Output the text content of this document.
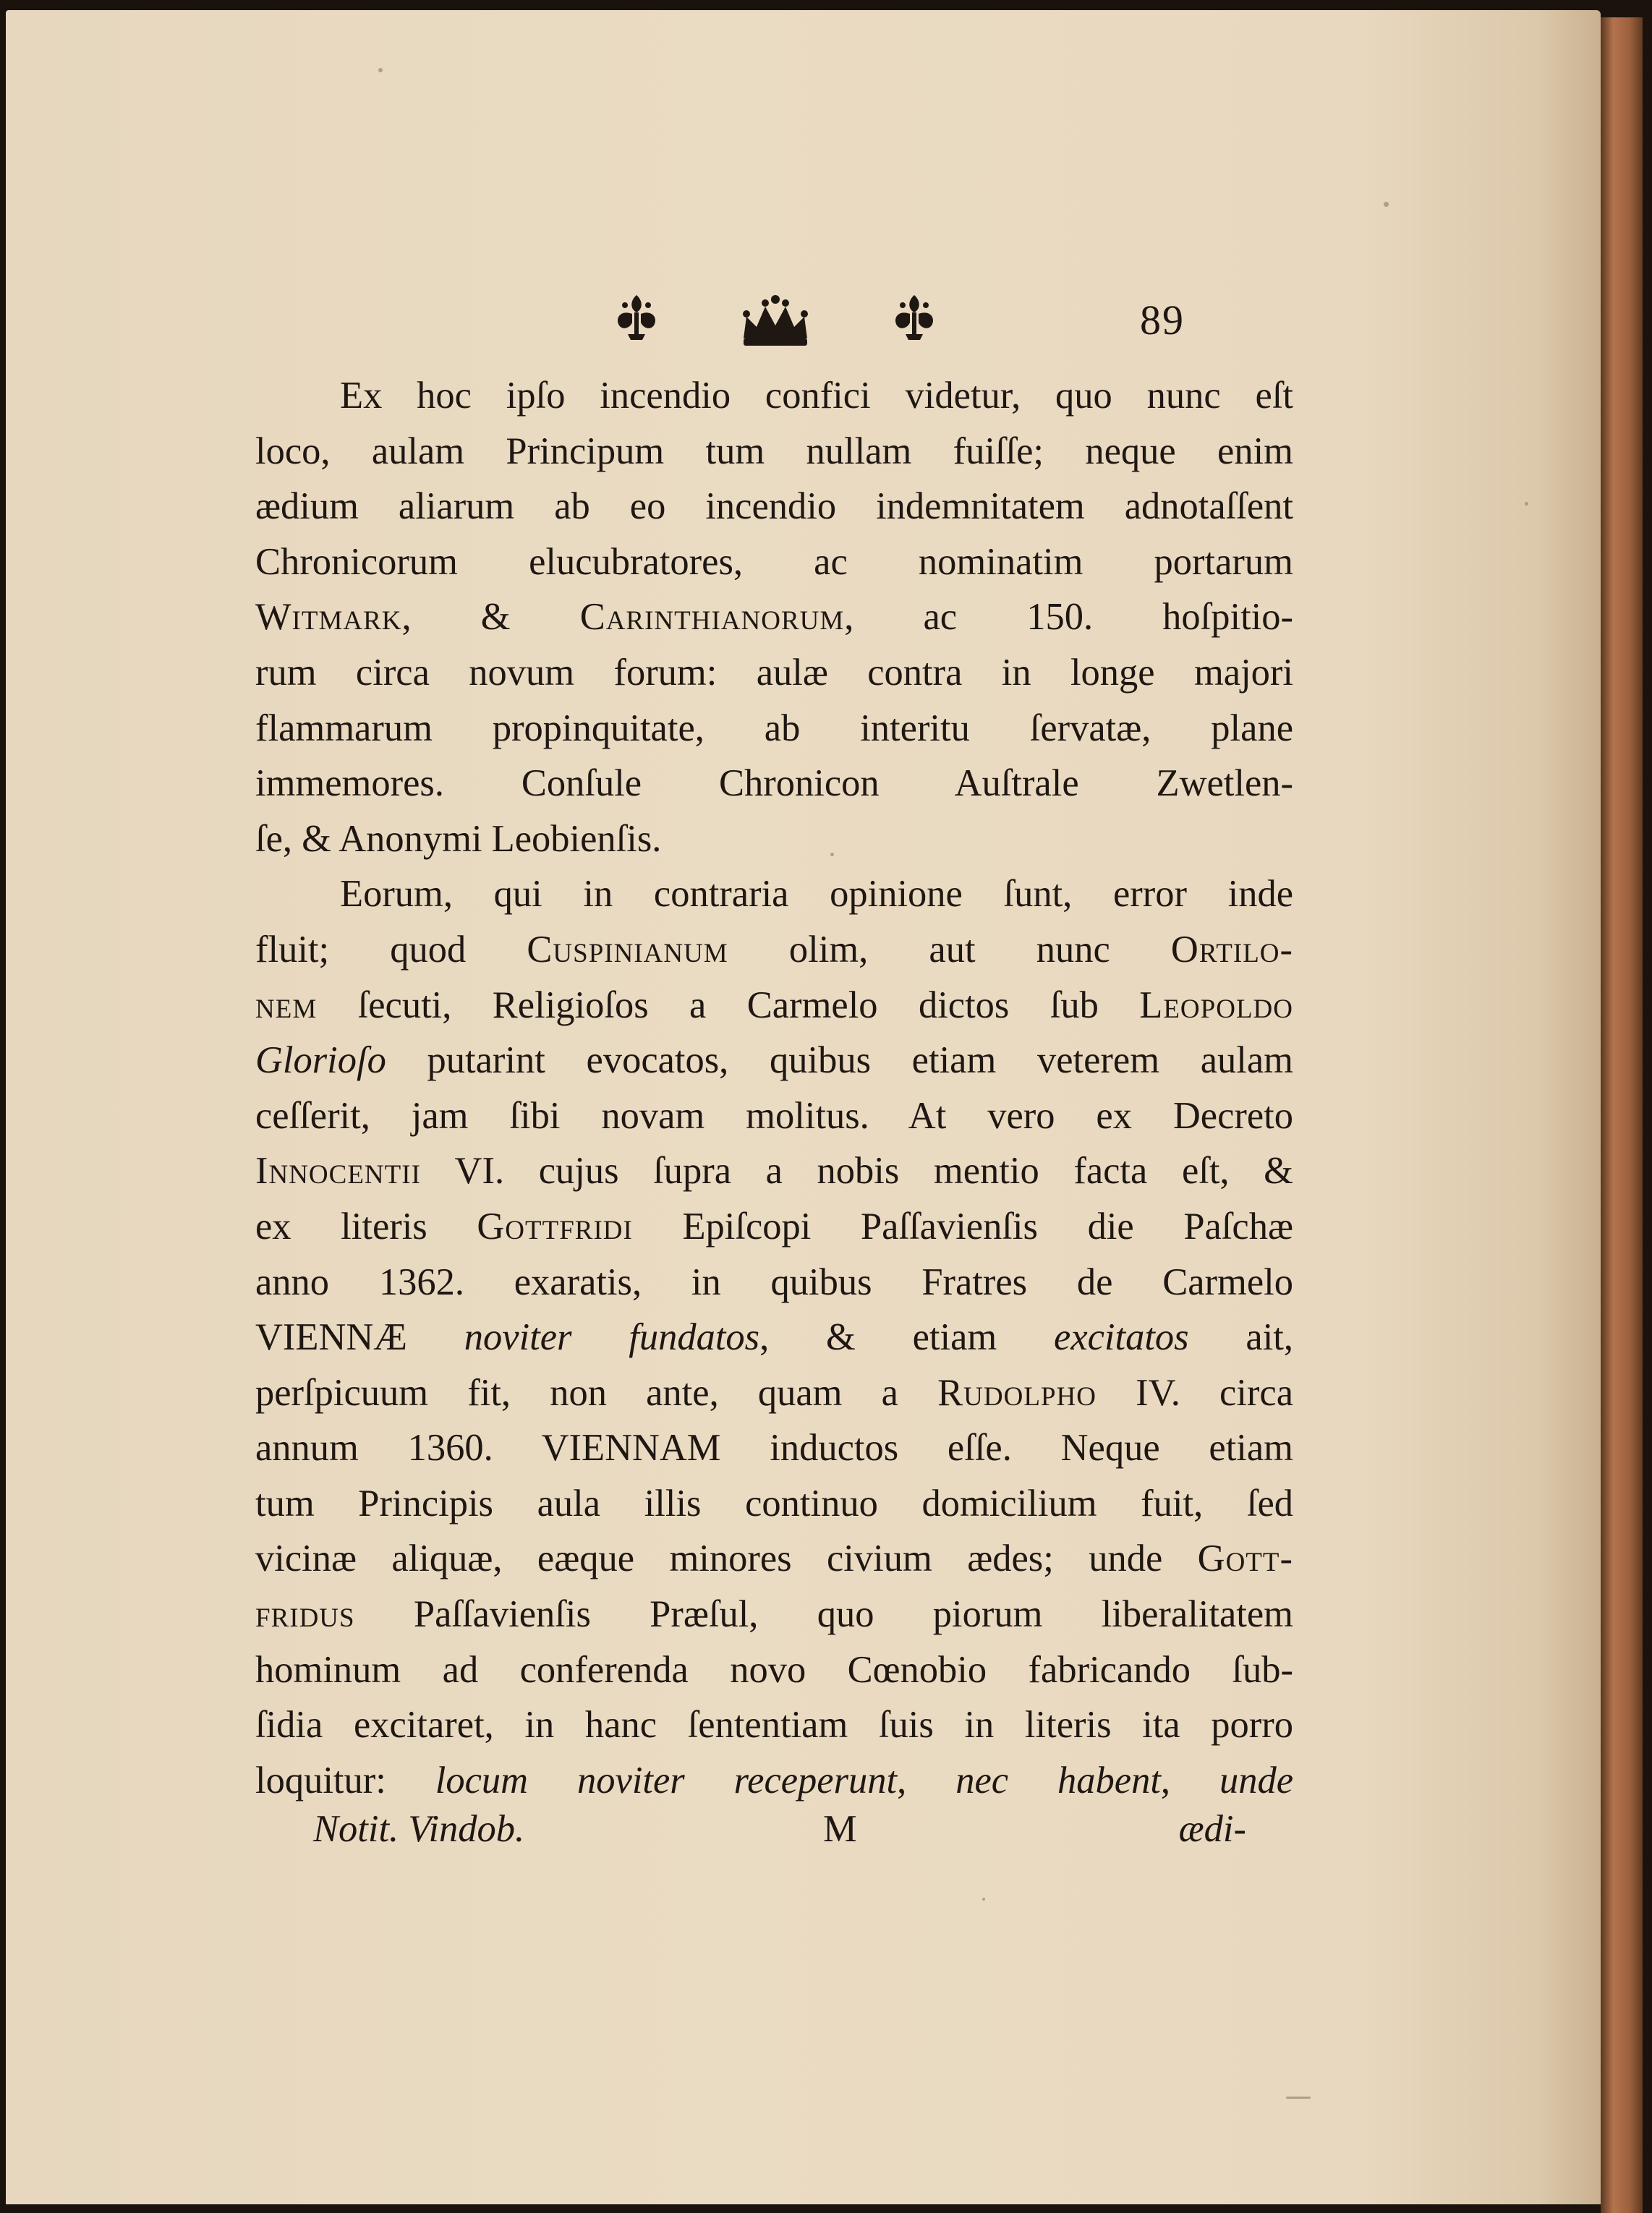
89
Ex hoc ipſo incendio confici videtur, quo nunc eſt
loco, aulam Principum tum nullam fuiſſe; neque enim
ædium aliarum ab eo incendio indemnitatem adnotaſſent
Chronicorum elucubratores, ac nominatim portarum
Witmark, & Carinthianorum, ac 150. hoſpitio-
rum circa novum forum: aulæ contra in longe majori
flammarum propinquitate, ab interitu ſervatæ, plane
immemores. Conſule Chronicon Auſtrale Zwetlen-
ſe, & Anonymi Leobienſis.
Eorum, qui in contraria opinione ſunt, error inde
fluit; quod Cuspinianum olim, aut nunc Ortilo-
nem ſecuti, Religioſos a Carmelo dictos ſub Leopoldo
Glorioſo putarint evocatos, quibus etiam veterem aulam
ceſſerit, jam ſibi novam molitus. At vero ex Decreto
Innocentii VI. cujus ſupra a nobis mentio facta eſt, &
ex literis Gottfridi Epiſcopi Paſſavienſis die Paſchæ
anno 1362. exaratis, in quibus Fratres de Carmelo
VIENNÆ noviter fundatos, & etiam excitatos ait,
perſpicuum fit, non ante, quam a Rudolpho IV. circa
annum 1360. VIENNAM inductos eſſe. Neque etiam
tum Principis aula illis continuo domicilium fuit, ſed
vicinæ aliquæ, eæque minores civium ædes; unde Gott-
fridus Paſſavienſis Præſul, quo piorum liberalitatem
hominum ad conferenda novo Cœnobio fabricando ſub-
ſidia excitaret, in hanc ſententiam ſuis in literis ita porro
loquitur: locum noviter receperunt, nec habent, unde
Notit. Vindob.	M	ædi-
